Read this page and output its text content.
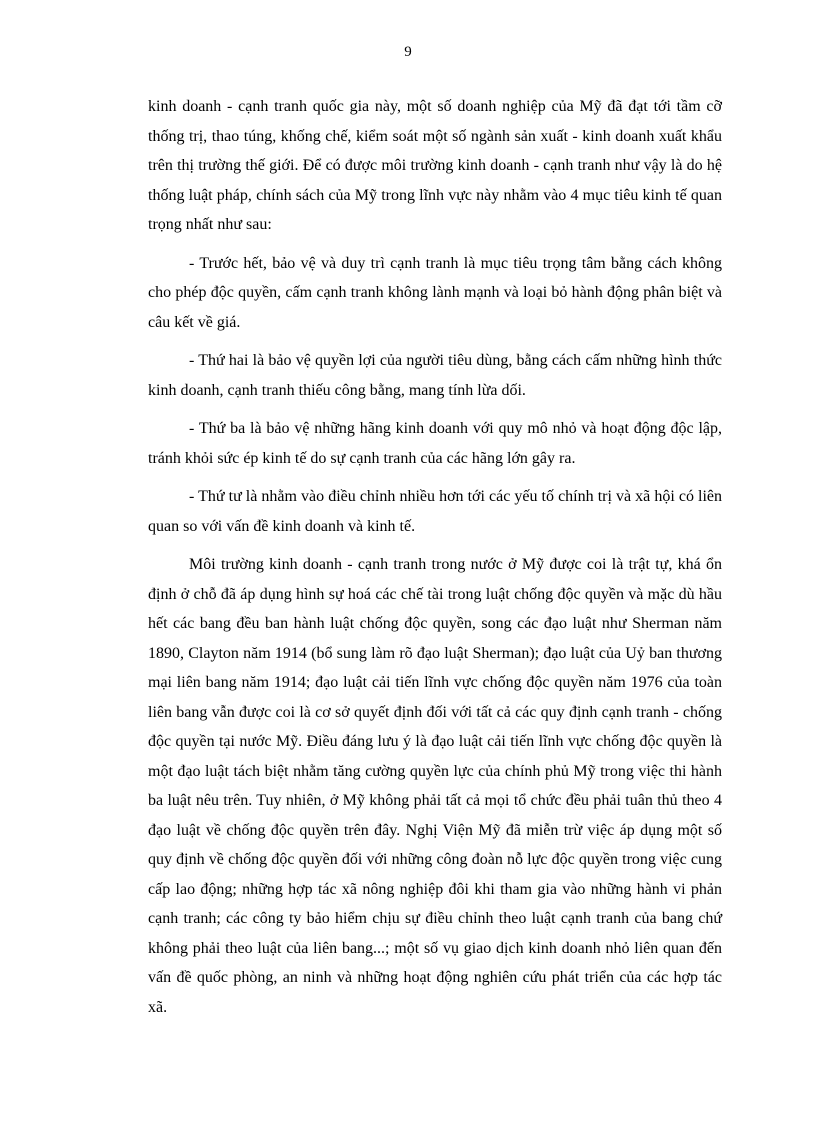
9

kinh doanh - cạnh tranh quốc gia này, một số doanh nghiệp của Mỹ đã đạt tới tầm cỡ thống trị, thao túng, khống chế, kiểm soát một số ngành sản xuất - kinh doanh xuất khẩu trên thị trường thế giới. Để có được môi trường kinh doanh - cạnh tranh như vậy là do hệ thống luật pháp, chính sách của Mỹ trong lĩnh vực này nhằm vào 4 mục tiêu kinh tế quan trọng nhất như sau:

- Trước hết, bảo vệ và duy trì cạnh tranh là mục tiêu trọng tâm bằng cách không cho phép độc quyền, cấm cạnh tranh không lành mạnh và loại bỏ hành động phân biệt và câu kết về giá.

- Thứ hai là bảo vệ quyền lợi của người tiêu dùng, bằng cách cấm những hình thức kinh doanh, cạnh tranh thiếu công bằng, mang tính lừa dối.

- Thứ ba là bảo vệ những hãng kinh doanh với quy mô nhỏ và hoạt động độc lập, tránh khỏi sức ép kinh tế do sự cạnh tranh của các hãng lớn gây ra.

- Thứ tư là nhằm vào điều chỉnh nhiều hơn tới các yếu tố chính trị và xã hội có liên quan so với vấn đề kinh doanh và kinh tế.

Môi trường kinh doanh - cạnh tranh trong nước ở Mỹ được coi là trật tự, khá ổn định ở chỗ đã áp dụng hình sự hoá các chế tài trong luật chống độc quyền và mặc dù hầu hết các bang đều ban hành luật chống độc quyền, song các đạo luật như Sherman năm 1890, Clayton năm 1914 (bổ sung làm rõ đạo luật Sherman); đạo luật của Uỷ ban thương mại liên bang năm 1914; đạo luật cải tiến lĩnh vực chống độc quyền năm 1976 của toàn liên bang vẫn được coi là cơ sở quyết định đối với tất cả các quy định cạnh tranh - chống độc quyền tại nước Mỹ. Điều đáng lưu ý là đạo luật cải tiến lĩnh vực chống độc quyền là một đạo luật tách biệt nhằm tăng cường quyền lực của chính phủ Mỹ trong việc thi hành ba luật nêu trên. Tuy nhiên, ở Mỹ không phải tất cả mọi tổ chức đều phải tuân thủ theo 4 đạo luật về chống độc quyền trên đây. Nghị Viện Mỹ đã miễn trừ việc áp dụng một số quy định về chống độc quyền đối với những công đoàn nỗ lực độc quyền trong việc cung cấp lao động; những hợp tác xã nông nghiệp đôi khi tham gia vào những hành vi phản cạnh tranh; các công ty bảo hiểm chịu sự điều chỉnh theo luật cạnh tranh của bang chứ không phải theo luật của liên bang...; một số vụ giao dịch kinh doanh nhỏ liên quan đến vấn đề quốc phòng, an ninh và những hoạt động nghiên cứu phát triển của các hợp tác xã.
